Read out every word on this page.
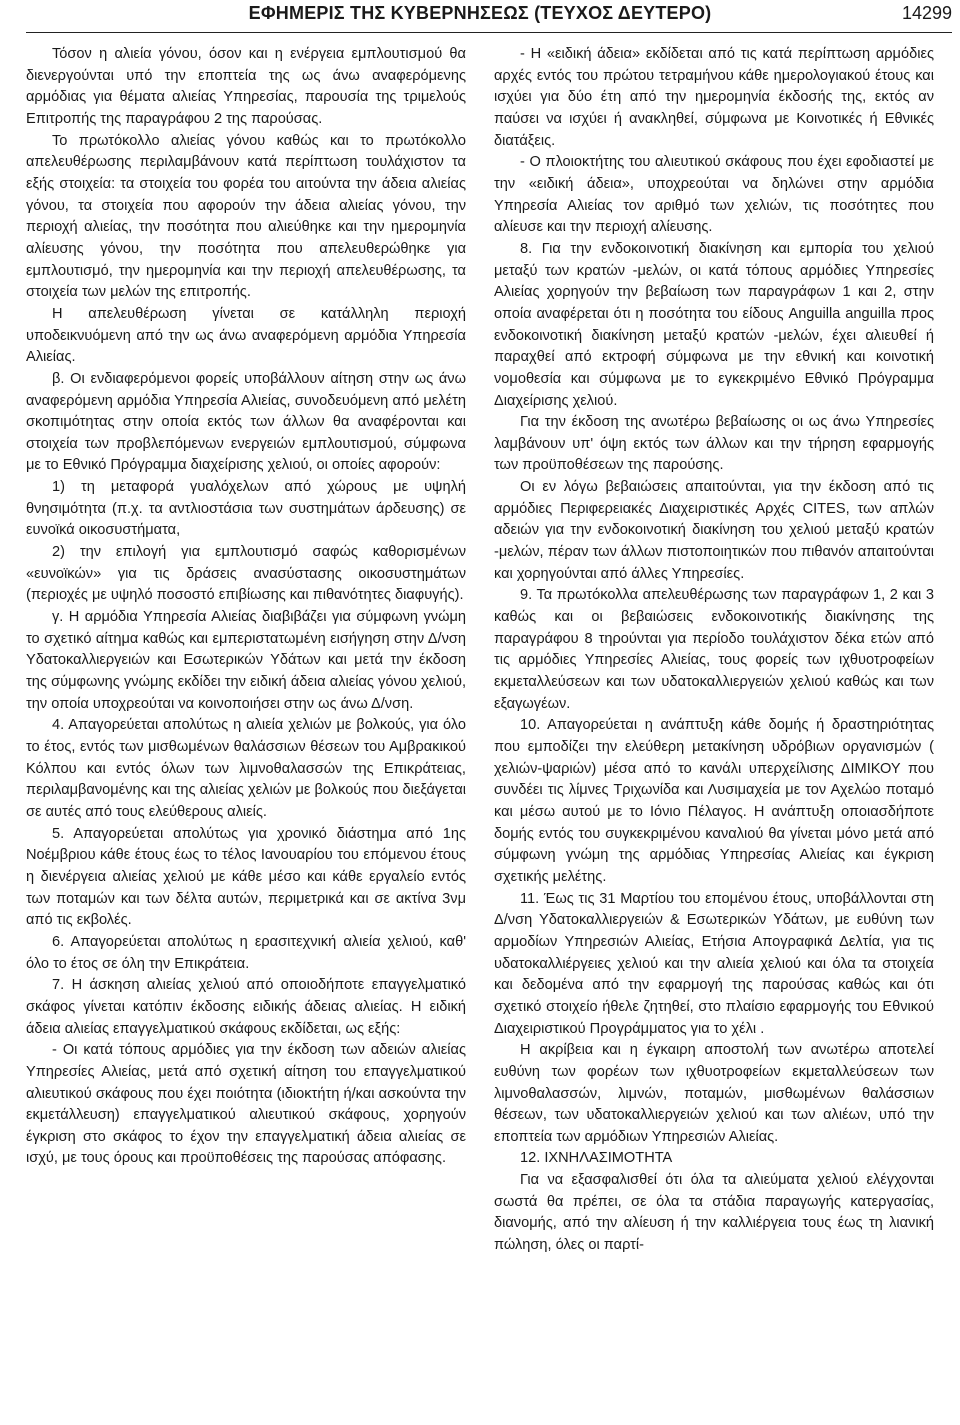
ΕΦΗΜΕΡΙΣ ΤΗΣ ΚΥΒΕΡΝΗΣΕΩΣ (ΤΕΥΧΟΣ ΔΕΥΤΕΡΟ)	14299

Τόσον η αλιεία γόνου, όσον και η ενέργεια εμπλουτισμού θα διενεργούνται υπό την εποπτεία της ως άνω αναφερόμενης αρμόδιας για θέματα αλιείας Υπηρεσίας, παρουσία της τριμελούς Επιτροπής της παραγράφου 2 της παρούσας.

Το πρωτόκολλο αλιείας γόνου καθώς και το πρωτόκολλο απελευθέρωσης περιλαμβάνουν κατά περίπτωση τουλάχιστον τα εξής στοιχεία: τα στοιχεία του φορέα του αιτούντα την άδεια αλιείας γόνου, τα στοιχεία που αφορούν την άδεια αλιείας γόνου, την περιοχή αλιείας, την ποσότητα που αλιεύθηκε και την ημερομηνία αλίευσης γόνου, την ποσότητα που απελευθερώθηκε για εμπλουτισμό, την ημερομηνία και την περιοχή απελευθέρωσης, τα στοιχεία των μελών της επιτροπής.

Η απελευθέρωση γίνεται σε κατάλληλη περιοχή υποδεικνυόμενη από την ως άνω αναφερόμενη αρμόδια Υπηρεσία Αλιείας.

β. Οι ενδιαφερόμενοι φορείς υποβάλλουν αίτηση στην ως άνω αναφερόμενη αρμόδια Υπηρεσία Αλιείας, συνοδευόμενη από μελέτη σκοπιμότητας στην οποία εκτός των άλλων θα αναφέρονται και στοιχεία των προβλεπόμενων ενεργειών εμπλουτισμού, σύμφωνα με το Εθνικό Πρόγραμμα διαχείρισης χελιού, οι οποίες αφορούν:

1) τη μεταφορά γυαλόχελων από χώρους με υψηλή θνησιμότητα (π.χ. τα αντλιοστάσια των συστημάτων άρδευσης) σε ευνοϊκά οικοσυστήματα,

2) την επιλογή για εμπλουτισμό σαφώς καθορισμένων «ευνοϊκών» για τις δράσεις ανασύστασης οικοσυστημάτων (περιοχές με υψηλό ποσοστό επιβίωσης και πιθανότητες διαφυγής).

γ. Η αρμόδια Υπηρεσία Αλιείας διαβιβάζει για σύμφωνη γνώμη το σχετικό αίτημα καθώς και εμπεριστατωμένη εισήγηση στην Δ/νση Υδατοκαλλιεργειών και Εσωτερικών Υδάτων και μετά την έκδοση της σύμφωνης γνώμης εκδίδει την ειδική άδεια αλιείας γόνου χελιού, την οποία υποχρεούται να κοινοποιήσει στην ως άνω Δ/νση.

4. Απαγορεύεται απολύτως η αλιεία χελιών με βολκούς, για όλο το έτος, εντός των μισθωμένων θαλάσσιων θέσεων του Αμβρακικού Κόλπου και εντός όλων των λιμνοθαλασσών της Επικράτειας, περιλαμβανομένης και της αλιείας χελιών με βολκούς που διεξάγεται σε αυτές από τους ελεύθερους αλιείς.

5. Απαγορεύεται απολύτως για χρονικό διάστημα από 1ης Νοέμβριου κάθε έτους έως το τέλος Ιανουαρίου του επόμενου έτους η διενέργεια αλιείας χελιού με κάθε μέσο και κάθε εργαλείο εντός των ποταμών και των δέλτα αυτών, περιμετρικά και σε ακτίνα 3νμ από τις εκβολές.

6. Απαγορεύεται απολύτως η ερασιτεχνική αλιεία χελιού, καθ' όλο το έτος σε όλη την Επικράτεια.

7. Η άσκηση αλιείας χελιού από οποιοδήποτε επαγγελματικό σκάφος γίνεται κατόπιν έκδοσης ειδικής άδειας αλιείας. Η ειδική άδεια αλιείας επαγγελματικού σκάφους εκδίδεται, ως εξής:

- Οι κατά τόπους αρμόδιες για την έκδοση των αδειών αλιείας Υπηρεσίες Αλιείας, μετά από σχετική αίτηση του επαγγελματικού αλιευτικού σκάφους που έχει ποιότητα (ιδιοκτήτη ή/και ασκούντα την εκμετάλλευση) επαγγελματικού αλιευτικού σκάφους, χορηγούν έγκριση στο σκάφος το έχον την επαγγελματική άδεια αλιείας σε ισχύ, με τους όρους και προϋποθέσεις της παρούσας απόφασης.

- Η «ειδική άδεια» εκδίδεται από τις κατά περίπτωση αρμόδιες αρχές εντός του πρώτου τετραμήνου κάθε ημερολογιακού έτους και ισχύει για δύο έτη από την ημερομηνία έκδοσής της, εκτός αν παύσει να ισχύει ή ανακληθεί, σύμφωνα με Κοινοτικές ή Εθνικές διατάξεις.

- Ο πλοιοκτήτης του αλιευτικού σκάφους που έχει εφοδιαστεί με την «ειδική άδεια», υποχρεούται να δηλώνει στην αρμόδια Υπηρεσία Αλιείας τον αριθμό των χελιών, τις ποσότητες που αλίευσε και την περιοχή αλίευσης.

8. Για την ενδοκοινοτική διακίνηση και εμπορία του χελιού μεταξύ των κρατών -μελών, οι κατά τόπους αρμόδιες Υπηρεσίες Αλιείας χορηγούν την βεβαίωση των παραγράφων 1 και 2, στην οποία αναφέρεται ότι η ποσότητα του είδους Anguilla anguilla προς ενδοκοινοτική διακίνηση μεταξύ κρατών -μελών, έχει αλιευθεί ή παραχθεί από εκτροφή σύμφωνα με την εθνική και κοινοτική νομοθεσία και σύμφωνα με το εγκεκριμένο Εθνικό Πρόγραμμα Διαχείρισης χελιού.

Για την έκδοση της ανωτέρω βεβαίωσης οι ως άνω Υπηρεσίες λαμβάνουν υπ' όψη εκτός των άλλων και την τήρηση εφαρμογής των προϋποθέσεων της παρούσης.

Οι εν λόγω βεβαιώσεις απαιτούνται, για την έκδοση από τις αρμόδιες Περιφερειακές Διαχειριστικές Αρχές CITES, των απλών αδειών για την ενδοκοινοτική διακίνηση του χελιού μεταξύ κρατών -μελών, πέραν των άλλων πιστοποιητικών που πιθανόν απαιτούνται και χορηγούνται από άλλες Υπηρεσίες.

9. Τα πρωτόκολλα απελευθέρωσης των παραγράφων 1, 2 και 3 καθώς και οι βεβαιώσεις ενδοκοινοτικής διακίνησης της παραγράφου 8 τηρούνται για περίοδο τουλάχιστον δέκα ετών από τις αρμόδιες Υπηρεσίες Αλιείας, τους φορείς των ιχθυοτροφείων εκμεταλλεύσεων και των υδατοκαλλιεργειών χελιού καθώς και των εξαγωγέων.

10. Απαγορεύεται η ανάπτυξη κάθε δομής ή δραστηριότητας που εμποδίζει την ελεύθερη μετακίνηση υδρόβιων οργανισμών ( χελιών-ψαριών) μέσα από το κανάλι υπερχείλισης ΔΙΜΙΚΟΥ που συνδέει τις λίμνες Τριχωνίδα και Λυσιμαχεία με τον Αχελώο ποταμό και μέσω αυτού με το Ιόνιο Πέλαγος. Η ανάπτυξη οποιασδήποτε δομής εντός του συγκεκριμένου καναλιού θα γίνεται μόνο μετά από σύμφωνη γνώμη της αρμόδιας Υπηρεσίας Αλιείας και έγκριση σχετικής μελέτης.

11. Έως τις 31 Μαρτίου του επομένου έτους, υποβάλλονται στη Δ/νση Υδατοκαλλιεργειών & Εσωτερικών Υδάτων, με ευθύνη των αρμοδίων Υπηρεσιών Αλιείας, Ετήσια Απογραφικά Δελτία, για τις υδατοκαλλιέργειες χελιού και την αλιεία χελιού και όλα τα στοιχεία και δεδομένα από την εφαρμογή της παρούσας καθώς και ότι σχετικό στοιχείο ήθελε ζητηθεί, στο πλαίσιο εφαρμογής του Εθνικού Διαχειριστικού Προγράμματος για το χέλι .

Η ακρίβεια και η έγκαιρη αποστολή των ανωτέρω αποτελεί ευθύνη των φορέων των ιχθυοτροφείων εκμεταλλεύσεων των λιμνοθαλασσών, λιμνών, ποταμών, μισθωμένων θαλάσσιων θέσεων, των υδατοκαλλιεργειών χελιού και των αλιέων, υπό την εποπτεία των αρμόδιων Υπηρεσιών Αλιείας.

12. ΙΧΝΗΛΑΣΙΜΟΤΗΤΑ

Για να εξασφαλισθεί ότι όλα τα αλιεύματα χελιού ελέγχονται σωστά θα πρέπει, σε όλα τα στάδια παραγωγής κατεργασίας, διανομής, από την αλίευση ή την καλλιέργεια τους έως τη λιανική πώληση, όλες οι παρτί-
